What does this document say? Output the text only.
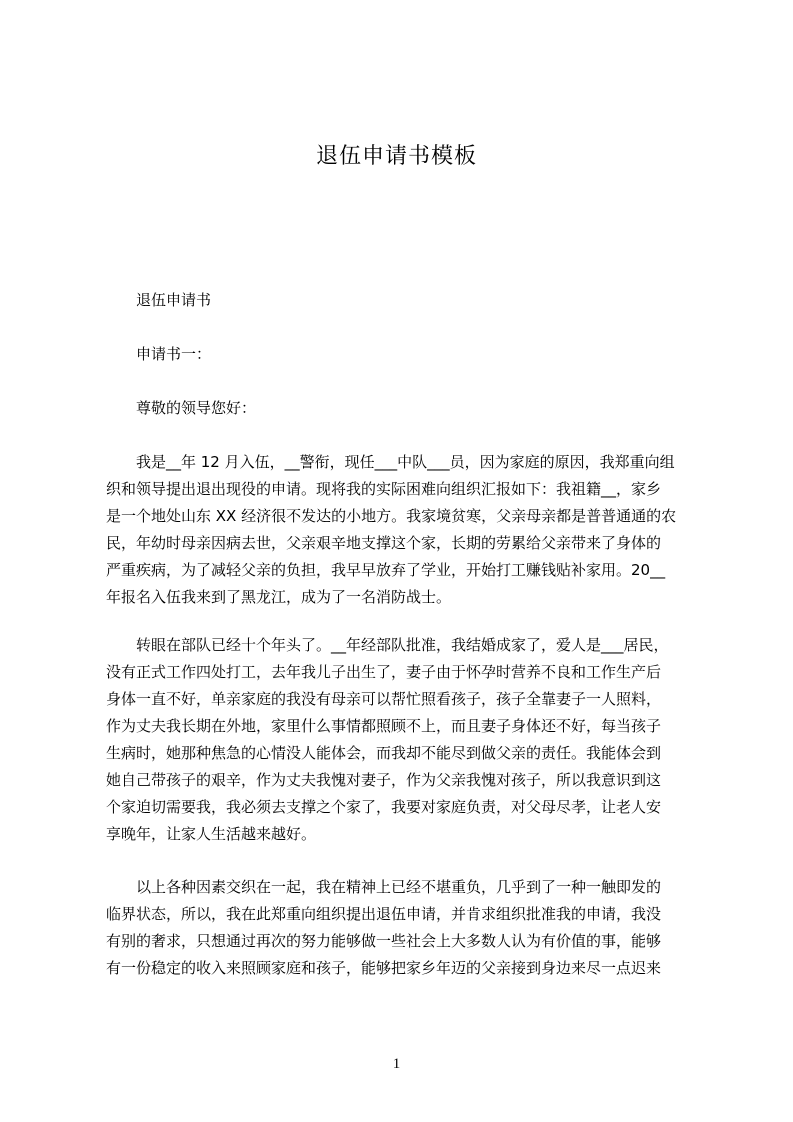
退伍申请书模板
退伍申请书
申请书一：
尊敬的领导您好：
我是__年 12 月入伍，__警衔，现任___中队___员，因为家庭的原因，我郑重向组
织和领导提出退出现役的申请。现将我的实际困难向组织汇报如下：我祖籍__，家乡
是一个地处山东 XX 经济很不发达的小地方。我家境贫寒，父亲母亲都是普普通通的农
民，年幼时母亲因病去世，父亲艰辛地支撑这个家，长期的劳累给父亲带来了身体的
严重疾病，为了减轻父亲的负担，我早早放弃了学业，开始打工赚钱贴补家用。20__
年报名入伍我来到了黑龙江，成为了一名消防战士。
转眼在部队已经十个年头了。__年经部队批准，我结婚成家了，爱人是___居民，
没有正式工作四处打工，去年我儿子出生了，妻子由于怀孕时营养不良和工作生产后
身体一直不好，单亲家庭的我没有母亲可以帮忙照看孩子，孩子全靠妻子一人照料，
作为丈夫我长期在外地，家里什么事情都照顾不上，而且妻子身体还不好，每当孩子
生病时，她那种焦急的心情没人能体会，而我却不能尽到做父亲的责任。我能体会到
她自己带孩子的艰辛，作为丈夫我愧对妻子，作为父亲我愧对孩子，所以我意识到这
个家迫切需要我，我必须去支撑之个家了，我要对家庭负责，对父母尽孝，让老人安
享晚年，让家人生活越来越好。
以上各种因素交织在一起，我在精神上已经不堪重负，几乎到了一种一触即发的
临界状态，所以，我在此郑重向组织提出退伍申请，并肯求组织批准我的申请，我没
有别的奢求，只想通过再次的努力能够做一些社会上大多数人认为有价值的事，能够
有一份稳定的收入来照顾家庭和孩子，能够把家乡年迈的父亲接到身边来尽一点迟来
1
